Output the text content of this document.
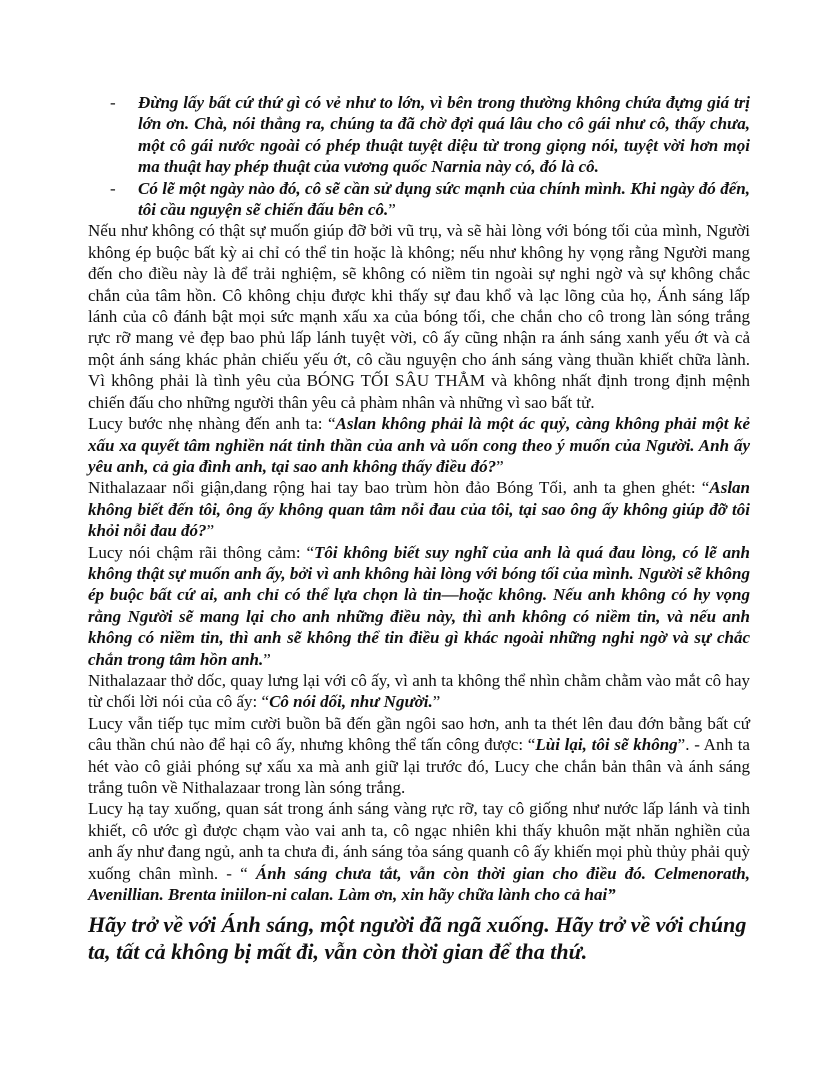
- Đừng lấy bất cứ thứ gì có vẻ như to lớn, vì bên trong thường không chứa đựng giá trị lớn ơn. Chà, nói thẳng ra, chúng ta đã chờ đợi quá lâu cho cô gái như cô, thấy chưa, một cô gái nước ngoài có phép thuật tuyệt diệu từ trong giọng nói, tuyệt vời hơn mọi ma thuật hay phép thuật của vương quốc Narnia này có, đó là cô.
- Có lẽ một ngày nào đó, cô sẽ cần sử dụng sức mạnh của chính mình. Khi ngày đó đến, tôi cầu nguyện sẽ chiến đấu bên cô.”

Nếu như không có thật sự muốn giúp đỡ bởi vũ trụ, và sẽ hài lòng với bóng tối của mình, Người không ép buộc bất kỳ ai chỉ có thể tin hoặc là không; nếu như không hy vọng rằng Người mang đến cho điều này là để trải nghiệm, sẽ không có niềm tin ngoài sự nghi ngờ và sự không chắc chắn của tâm hồn. Cô không chịu được khi thấy sự đau khổ và lạc lõng của họ, Ánh sáng lấp lánh của cô đánh bật mọi sức mạnh xấu xa của bóng tối, che chắn cho cô trong làn sóng trắng rực rỡ mang vẻ đẹp bao phủ lấp lánh tuyệt vời, cô ấy cũng nhận ra ánh sáng xanh yếu ớt và cả một ánh sáng khác phản chiếu yếu ớt, cô cầu nguyện cho ánh sáng vàng thuần khiết chữa lành. Vì không phải là tình yêu của BÓNG TỐI SÂU THẲM và không nhất định trong định mệnh chiến đấu cho những người thân yêu cả phàm nhân và những vì sao bất tử.

Lucy bước nhẹ nhàng đến anh ta: “Aslan không phải là một ác quỷ, càng không phải một kẻ xấu xa quyết tâm nghiền nát tinh thần của anh và uốn cong theo ý muốn của Người. Anh ấy yêu anh, cả gia đình anh, tại sao anh không thấy điều đó?”

Nithalazaar nổi giận,dang rộng hai tay bao trùm hòn đảo Bóng Tối, anh ta ghen ghét: “Aslan không biết đến tôi, ông ấy không quan tâm nỗi đau của tôi, tại sao ông ấy không giúp đỡ tôi khỏi nỗi đau đó?”

Lucy nói chậm rãi thông cảm: “Tôi không biết suy nghĩ của anh là quá đau lòng, có lẽ anh không thật sự muốn anh ấy, bởi vì anh không hài lòng với bóng tối của mình. Người sẽ không ép buộc bất cứ ai, anh chỉ có thể lựa chọn là tin—hoặc không. Nếu anh không có hy vọng rằng Người sẽ mang lại cho anh những điều này, thì anh không có niềm tin, và nếu anh không có niềm tin, thì anh sẽ không thể tin điều gì khác ngoài những nghi ngờ và sự chắc chắn trong tâm hồn anh.”

Nithalazaar thở dốc, quay lưng lại với cô ấy, vì anh ta không thể nhìn chằm chằm vào mắt cô hay từ chối lời nói của cô ấy: “Cô nói dối, như Người.”

Lucy vẫn tiếp tục mỉm cười buồn bã đến gần ngôi sao hơn, anh ta thét lên đau đớn bằng bất cứ câu thần chú nào để hại cô ấy, nhưng không thể tấn công được: “Lùi lại, tôi sẽ không”. - Anh ta hét vào cô giải phóng sự xấu xa mà anh giữ lại trước đó, Lucy che chắn bản thân và ánh sáng trắng tuôn về Nithalazaar trong làn sóng trắng.

Lucy hạ tay xuống, quan sát trong ánh sáng vàng rực rỡ, tay cô giống như nước lấp lánh và tinh khiết, cô ước gì được chạm vào vai anh ta, cô ngạc nhiên khi thấy khuôn mặt nhăn nghiền của anh ấy như đang ngủ, anh ta chưa đi, ánh sáng tỏa sáng quanh cô ấy khiến mọi phù thủy phải quỳ xuống chân mình. - “ Ánh sáng chưa tắt, vẫn còn thời gian cho điều đó. Celmenorath, Avenillian. Brenta iniilon-ni calan. Làm ơn, xin hãy chữa lành cho cả hai”

Hãy trở về với Ánh sáng, một người đã ngã xuống. Hãy trở về với chúng ta, tất cả không bị mất đi, vẫn còn thời gian để tha thứ.
